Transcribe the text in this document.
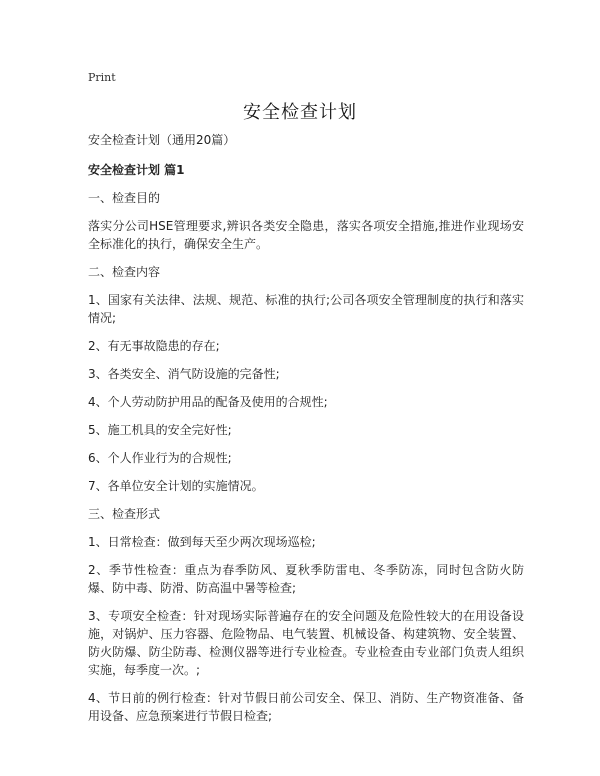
Print
安全检查计划

安全检查计划（通用20篇）

安全检查计划 篇1

一、检查目的

落实分公司HSE管理要求,辨识各类安全隐患，落实各项安全措施,推进作业现场安全标准化的执行，确保安全生产。

二、检查内容

1、国家有关法律、法规、规范、标准的执行;公司各项安全管理制度的执行和落实情况;

2、有无事故隐患的存在;

3、各类安全、消气防设施的完备性;

4、个人劳动防护用品的配备及使用的合规性;

5、施工机具的安全完好性;

6、个人作业行为的合规性;

7、各单位安全计划的实施情况。

三、检查形式

1、日常检查：做到每天至少两次现场巡检;

2、季节性检查：重点为春季防风、夏秋季防雷电、冬季防冻，同时包含防火防爆、防中毒、防滑、防高温中暑等检查;

3、专项安全检查：针对现场实际普遍存在的安全问题及危险性较大的在用设备设施，对锅炉、压力容器、危险物品、电气装置、机械设备、构建筑物、安全装置、防火防爆、防尘防毒、检测仪器等进行专业检查。专业检查由专业部门负责人组织实施，每季度一次。;

4、节日前的例行检查：针对节假日前公司安全、保卫、消防、生产物资准备、备用设备、应急预案进行节假日检查;
